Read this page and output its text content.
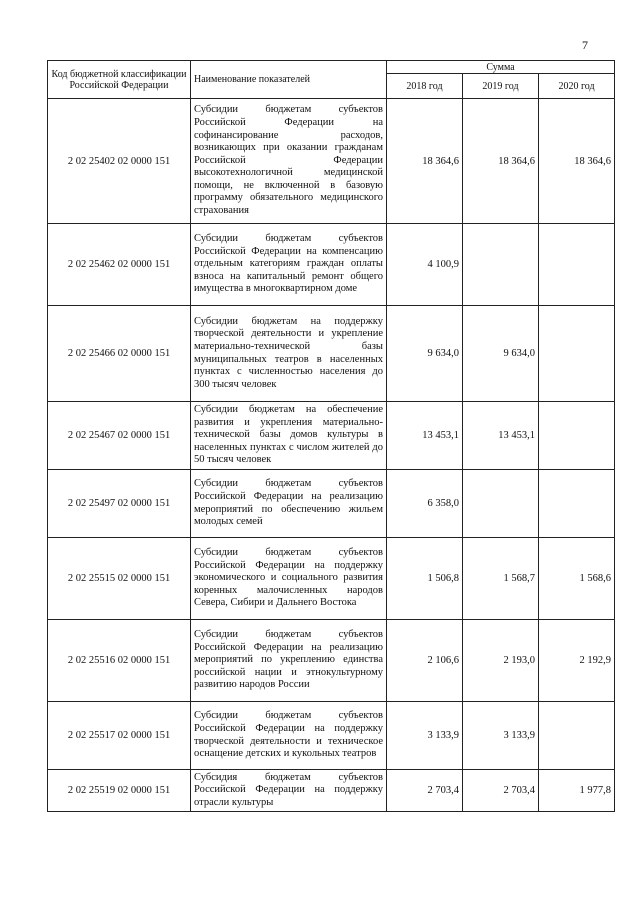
7
Код бюджетной классификации Российской Федерации	Наименование показателей	Сумма		
		2018 год	2019 год	2020 год
2 02 25402 02 0000 151	Субсидии бюджетам субъектов Российской Федерации на софинансирование расходов, возникающих при оказании гражданам Российской Федерации высокотехнологичной медицинской помощи, не включенной в базовую программу обязательного медицинского страхования	18 364,6	18 364,6	18 364,6
2 02 25462 02 0000 151	Субсидии бюджетам субъектов Российской Федерации на компенсацию отдельным категориям граждан оплаты взноса на капитальный ремонт общего имущества в многоквартирном доме	4 100,9		
2 02 25466 02 0000 151	Субсидии бюджетам на поддержку творческой деятельности и укрепление материально-технической базы муниципальных театров в населенных пунктах с численностью населения до 300 тысяч человек	9 634,0	9 634,0	
2 02 25467 02 0000 151	Субсидии бюджетам на обеспечение развития и укрепления материально-технической базы домов культуры в населенных пунктах с числом жителей до 50 тысяч человек	13 453,1	13 453,1	
2 02 25497 02 0000 151	Субсидии бюджетам субъектов Российской Федерации на реализацию мероприятий по обеспечению жильем молодых семей	6 358,0		
2 02 25515 02 0000 151	Субсидии бюджетам субъектов Российской Федерации на поддержку экономического и социального развития коренных малочисленных народов Севера, Сибири и Дальнего Востока	1 506,8	1 568,7	1 568,6
2 02 25516 02 0000 151	Субсидии бюджетам субъектов Российской Федерации на реализацию мероприятий по укреплению единства российской нации и этнокультурному развитию народов России	2 106,6	2 193,0	2 192,9
2 02 25517 02 0000 151	Субсидии бюджетам субъектов Российской Федерации на поддержку творческой деятельности и техническое оснащение детских и кукольных театров	3 133,9	3 133,9	
2 02 25519 02 0000 151	Субсидия бюджетам субъектов Российской Федерации на поддержку отрасли культуры	2 703,4	2 703,4	1 977,8
